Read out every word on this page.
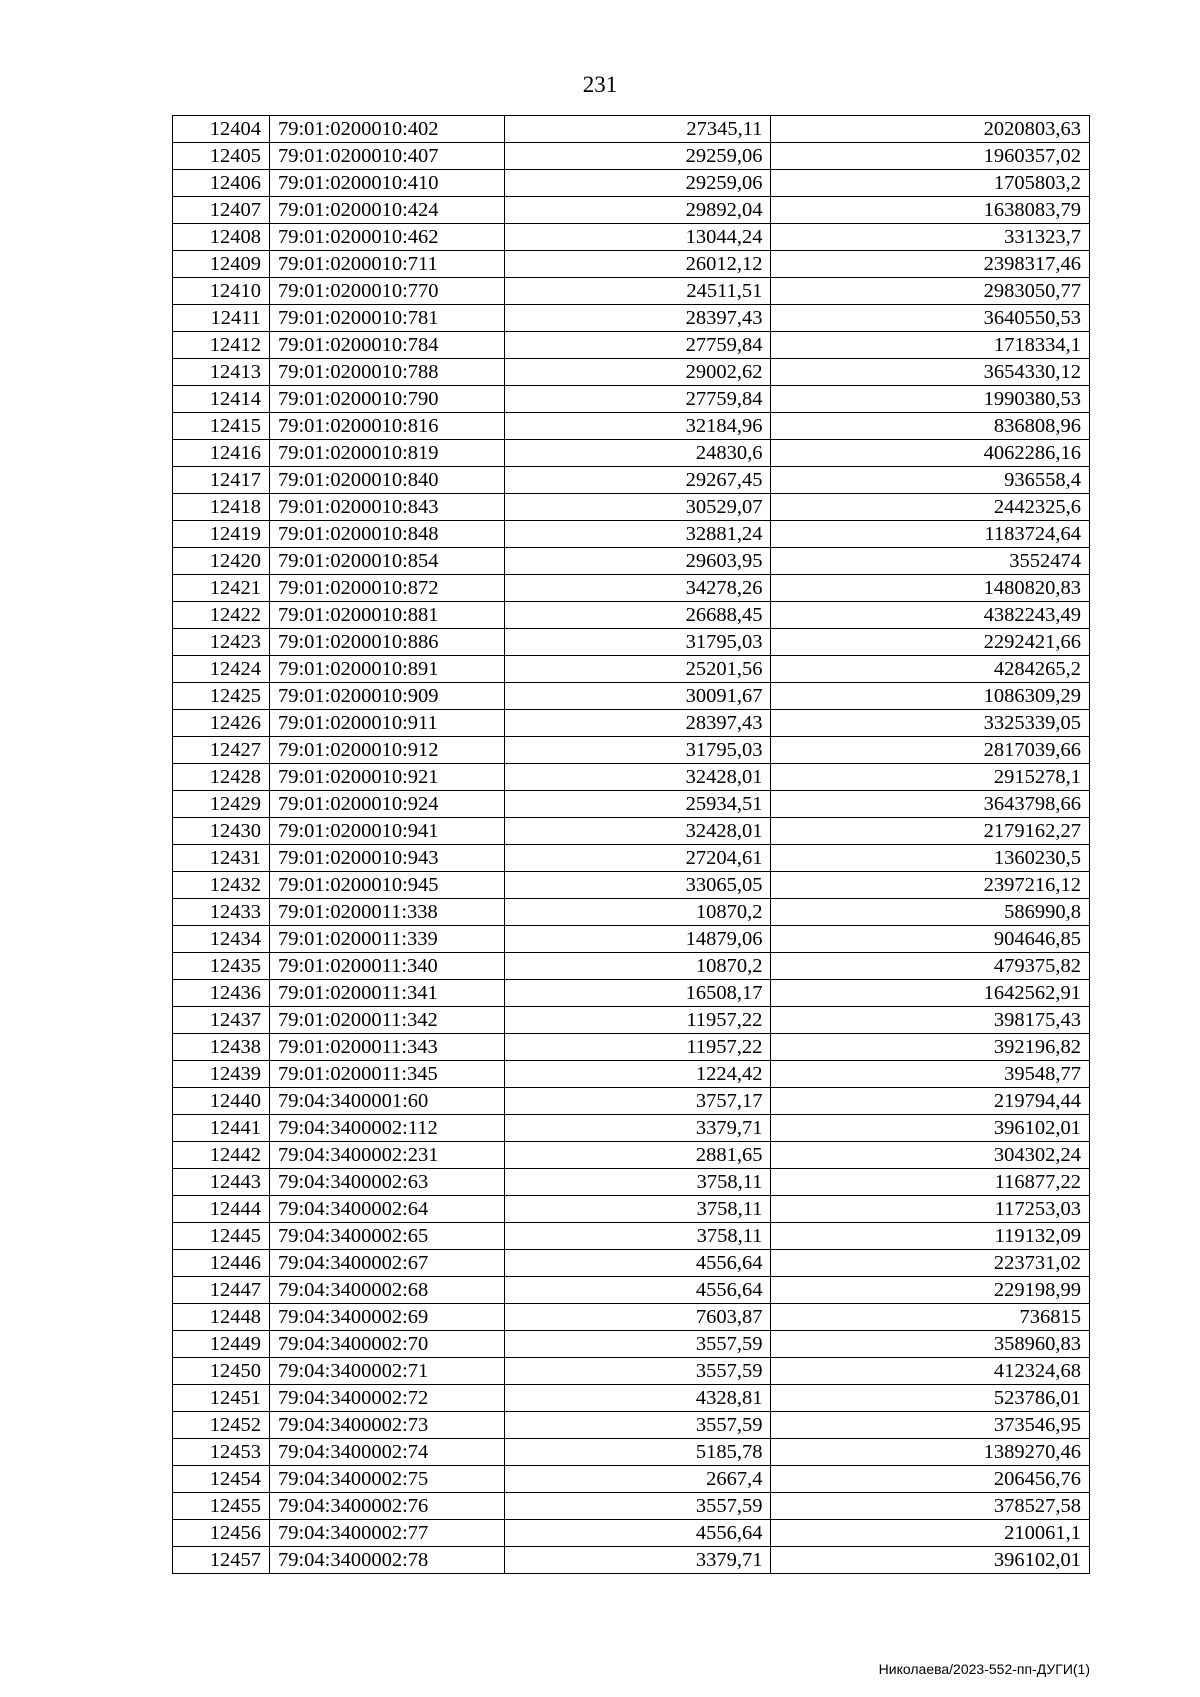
231
12404	79:01:0200010:402	27345,11	2020803,63
12405	79:01:0200010:407	29259,06	1960357,02
12406	79:01:0200010:410	29259,06	1705803,2
12407	79:01:0200010:424	29892,04	1638083,79
12408	79:01:0200010:462	13044,24	331323,7
12409	79:01:0200010:711	26012,12	2398317,46
12410	79:01:0200010:770	24511,51	2983050,77
12411	79:01:0200010:781	28397,43	3640550,53
12412	79:01:0200010:784	27759,84	1718334,1
12413	79:01:0200010:788	29002,62	3654330,12
12414	79:01:0200010:790	27759,84	1990380,53
12415	79:01:0200010:816	32184,96	836808,96
12416	79:01:0200010:819	24830,6	4062286,16
12417	79:01:0200010:840	29267,45	936558,4
12418	79:01:0200010:843	30529,07	2442325,6
12419	79:01:0200010:848	32881,24	1183724,64
12420	79:01:0200010:854	29603,95	3552474
12421	79:01:0200010:872	34278,26	1480820,83
12422	79:01:0200010:881	26688,45	4382243,49
12423	79:01:0200010:886	31795,03	2292421,66
12424	79:01:0200010:891	25201,56	4284265,2
12425	79:01:0200010:909	30091,67	1086309,29
12426	79:01:0200010:911	28397,43	3325339,05
12427	79:01:0200010:912	31795,03	2817039,66
12428	79:01:0200010:921	32428,01	2915278,1
12429	79:01:0200010:924	25934,51	3643798,66
12430	79:01:0200010:941	32428,01	2179162,27
12431	79:01:0200010:943	27204,61	1360230,5
12432	79:01:0200010:945	33065,05	2397216,12
12433	79:01:0200011:338	10870,2	586990,8
12434	79:01:0200011:339	14879,06	904646,85
12435	79:01:0200011:340	10870,2	479375,82
12436	79:01:0200011:341	16508,17	1642562,91
12437	79:01:0200011:342	11957,22	398175,43
12438	79:01:0200011:343	11957,22	392196,82
12439	79:01:0200011:345	1224,42	39548,77
12440	79:04:3400001:60	3757,17	219794,44
12441	79:04:3400002:112	3379,71	396102,01
12442	79:04:3400002:231	2881,65	304302,24
12443	79:04:3400002:63	3758,11	116877,22
12444	79:04:3400002:64	3758,11	117253,03
12445	79:04:3400002:65	3758,11	119132,09
12446	79:04:3400002:67	4556,64	223731,02
12447	79:04:3400002:68	4556,64	229198,99
12448	79:04:3400002:69	7603,87	736815
12449	79:04:3400002:70	3557,59	358960,83
12450	79:04:3400002:71	3557,59	412324,68
12451	79:04:3400002:72	4328,81	523786,01
12452	79:04:3400002:73	3557,59	373546,95
12453	79:04:3400002:74	5185,78	1389270,46
12454	79:04:3400002:75	2667,4	206456,76
12455	79:04:3400002:76	3557,59	378527,58
12456	79:04:3400002:77	4556,64	210061,1
12457	79:04:3400002:78	3379,71	396102,01
Николаева/2023-552-пп-ДУГИ(1)
